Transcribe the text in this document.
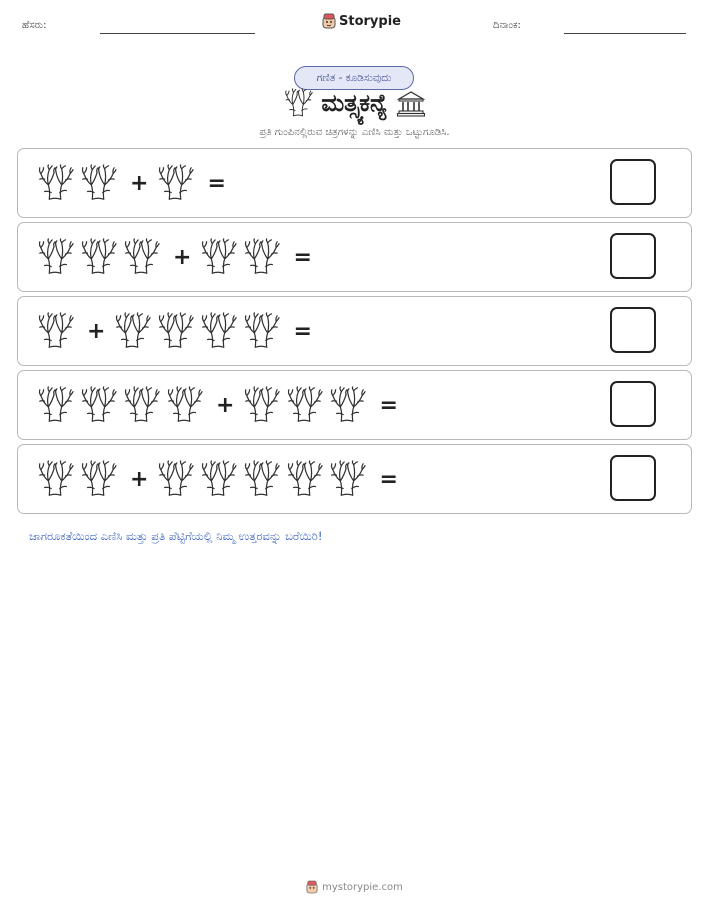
ಹೆಸರು:	Storypie	ದಿನಾಂಕ:
ಗಣಿತ - ಕೂಡಿಸುವುದು
ಮತ್ಸ್ಯಕನ್ಯೆ
ಪ್ರತಿ ಗುಂಪಿನಲ್ಲಿರುವ ಚಿತ್ರಗಳನ್ನು ಎಣಿಸಿ ಮತ್ತು ಒಟ್ಟುಗೂಡಿಸಿ.
+	=
+	=
+	=
+	=
+	=
ಜಾಗರೂಕತೆಯಿಂದ ಎಣಿಸಿ ಮತ್ತು ಪ್ರತಿ ಪೆಟ್ಟಿಗೆಯಲ್ಲಿ ನಿಮ್ಮ ಉತ್ತರವನ್ನು ಬರೆಯಿರಿ!
mystorypie.com
